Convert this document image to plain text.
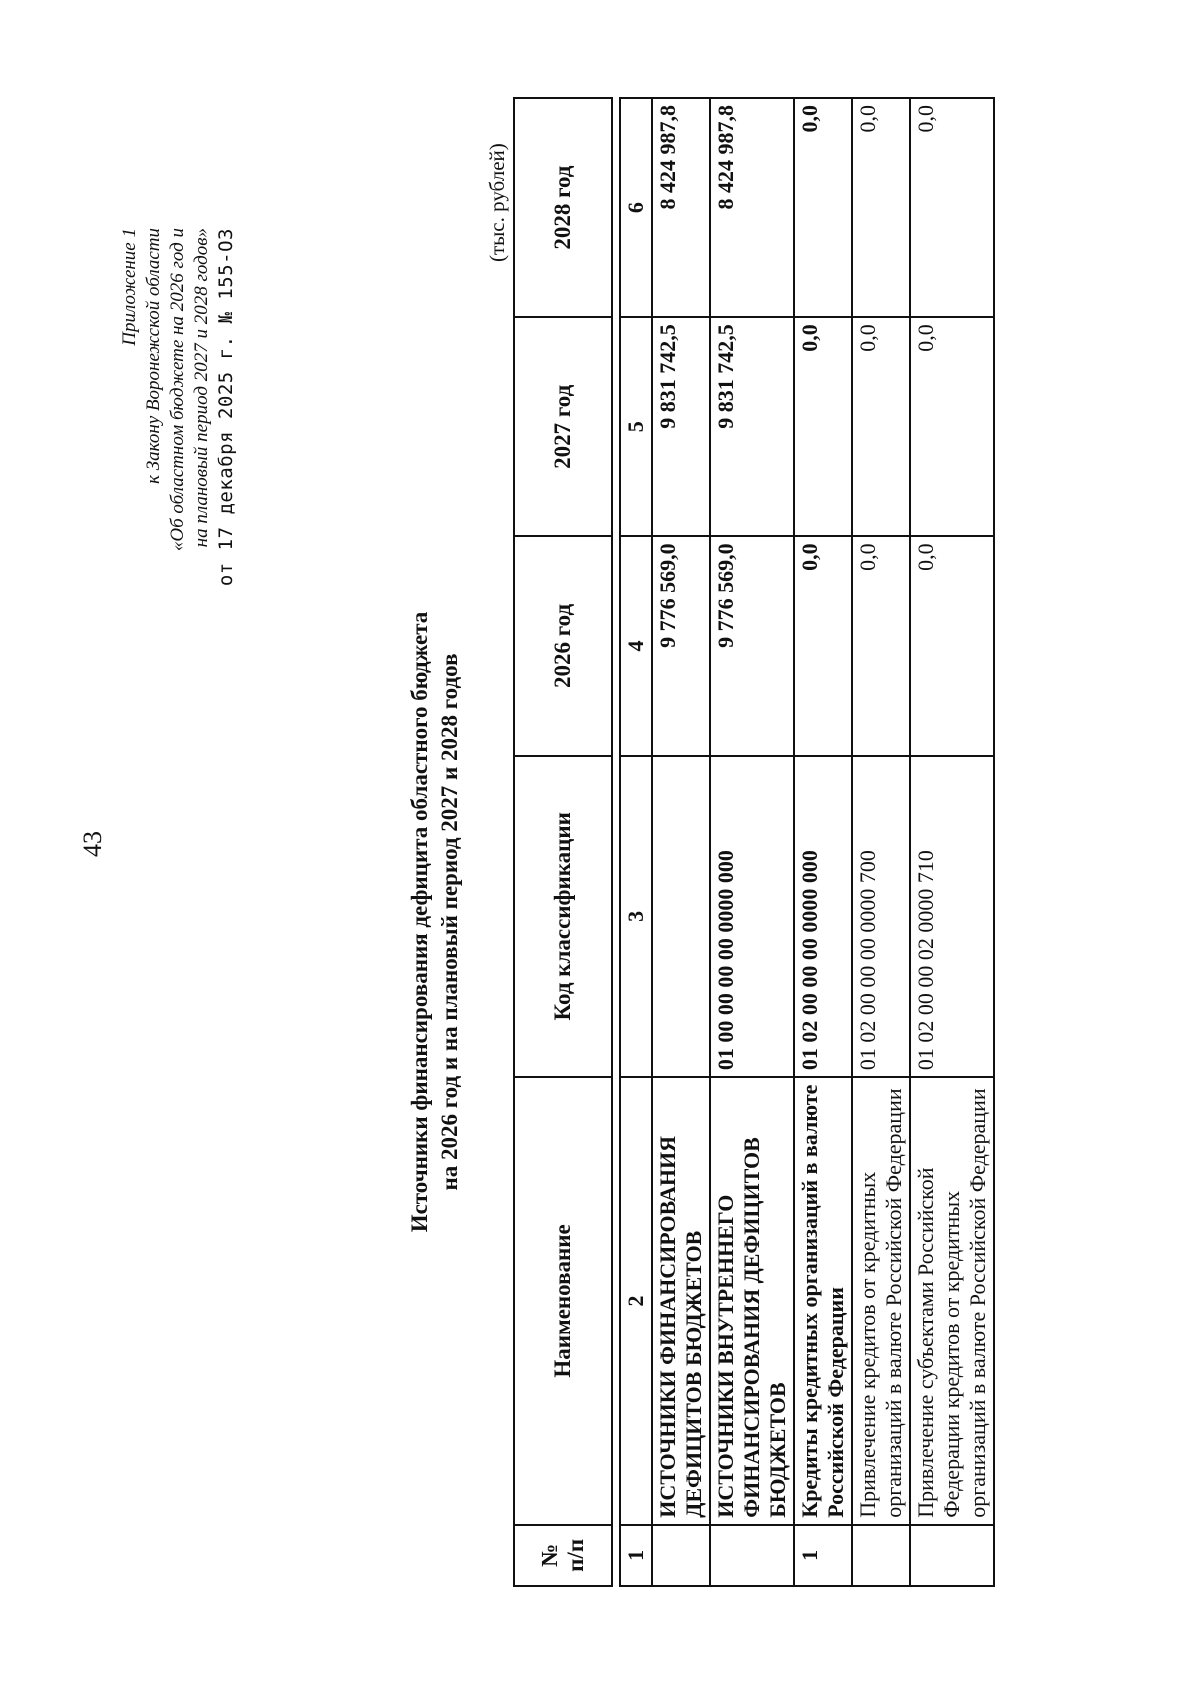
43
Приложение 1 к Закону Воронежской области «Об областном бюджете на 2026 год и на плановый период 2027 и 2028 годов» от 17 декабря 2025 г. № 155-ОЗ
Источники финансирования дефицита областного бюджета на 2026 год и на плановый период 2027 и 2028 годов
(тыс. рублей)
№ п/п	Наименование	Код классификации	2026 год	2027 год	2028 год

1	2	3	4	5	6
	ИСТОЧНИКИ ФИНАНСИРОВАНИЯ ДЕФИЦИТОВ БЮДЖЕТОВ		9 776 569,0	9 831 742,5	8 424 987,8
	ИСТОЧНИКИ ВНУТРЕННЕГО ФИНАНСИРОВАНИЯ ДЕФИЦИТОВ БЮДЖЕТОВ	01 00 00 00 00 0000 000	9 776 569,0	9 831 742,5	8 424 987,8
1	Кредиты кредитных организаций в валюте Российской Федерации	01 02 00 00 00 0000 000	0,0	0,0	0,0
	Привлечение кредитов от кредитных организаций в валюте Российской Федерации	01 02 00 00 00 0000 700	0,0	0,0	0,0
	Привлечение субъектами Российской Федерации кредитов от кредитных организаций в валюте Российской Федерации	01 02 00 00 02 0000 710	0,0	0,0	0,0
